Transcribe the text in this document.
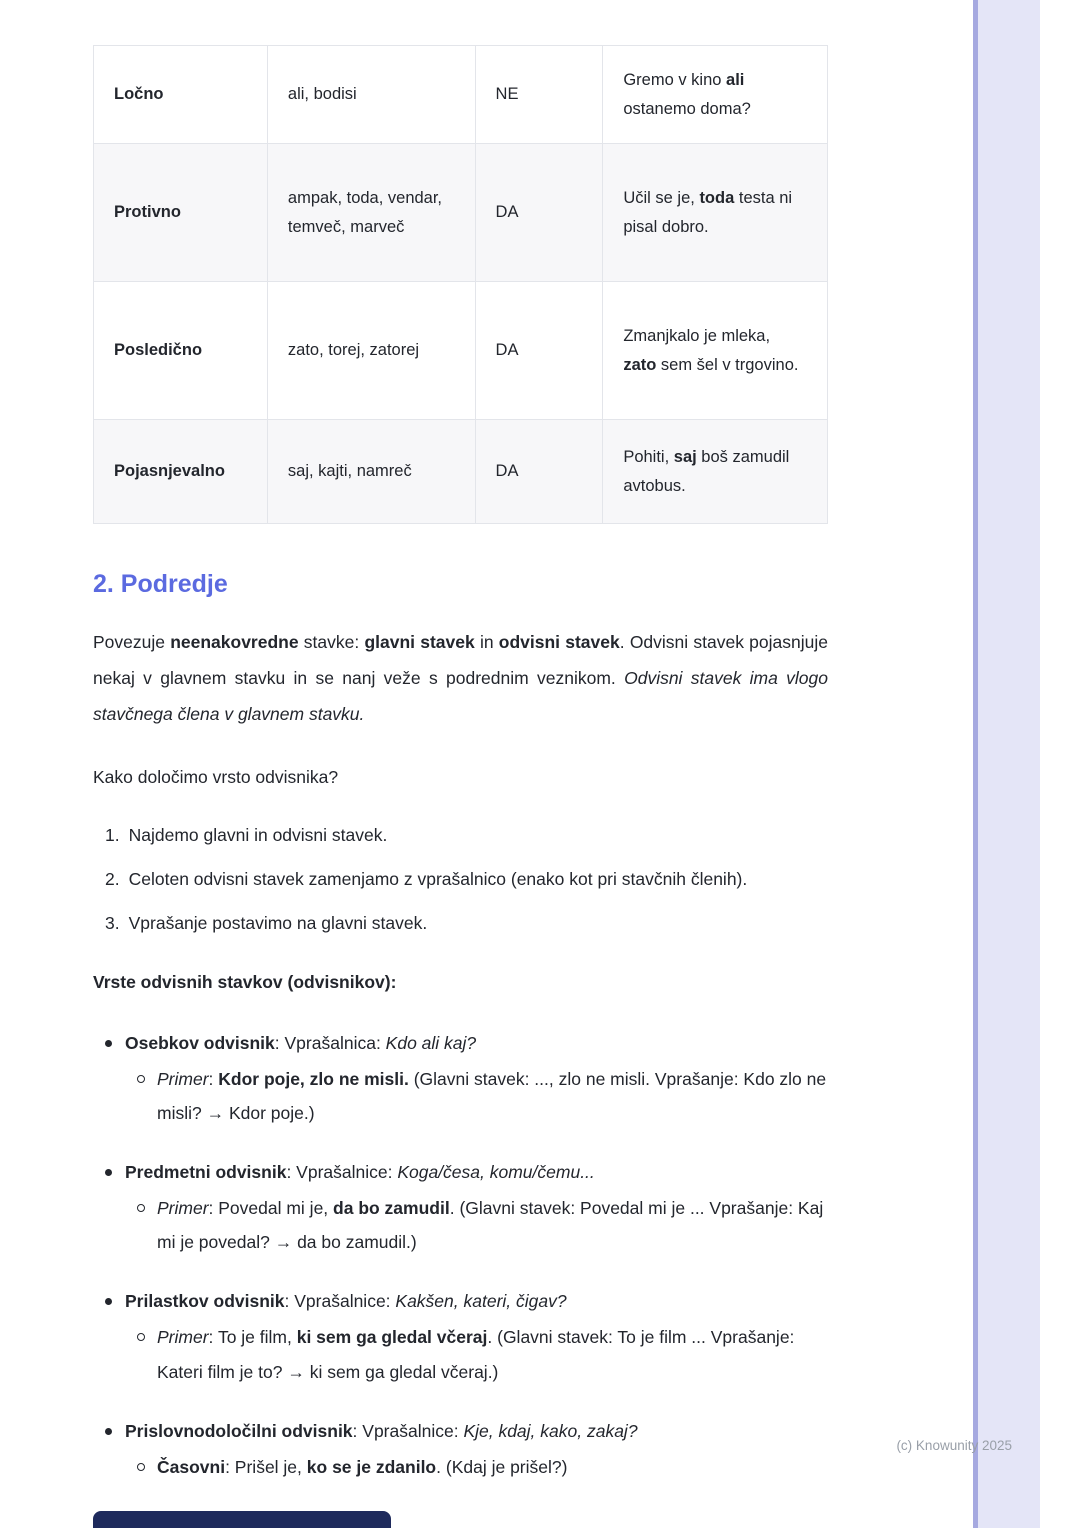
Ločno	ali, bodisi	NE	Gremo v kino ali ostanemo doma?
Protivno	ampak, toda, vendar, temveč, marveč	DA	Učil se je, toda testa ni pisal dobro.
Posledično	zato, torej, zatorej	DA	Zmanjkalo je mleka, zato sem šel v trgovino.
Pojasnjevalno	saj, kajti, namreč	DA	Pohiti, saj boš zamudil avtobus.
2. Podredje

Povezuje neenakovredne stavke: glavni stavek in odvisni stavek. Odvisni stavek pojasnjuje nekaj v glavnem stavku in se nanj veže s podrednim veznikom. Odvisni stavek ima vlogo stavčnega člena v glavnem stavku.

Kako določimo vrsto odvisnika?

1. Najdemo glavni in odvisni stavek.
2. Celoten odvisni stavek zamenjamo z vprašalnico (enako kot pri stavčnih členih).
3. Vprašanje postavimo na glavni stavek.

Vrste odvisnih stavkov (odvisnikov):

Osebkov odvisnik: Vprašalnica: Kdo ali kaj?
Primer: Kdor poje, zlo ne misli. (Glavni stavek: ..., zlo ne misli. Vprašanje: Kdo zlo ne misli? → Kdor poje.)
Predmetni odvisnik: Vprašalnice: Koga/česa, komu/čemu...
Primer: Povedal mi je, da bo zamudil. (Glavni stavek: Povedal mi je ... Vprašanje: Kaj mi je povedal? → da bo zamudil.)
Prilastkov odvisnik: Vprašalnice: Kakšen, kateri, čigav?
Primer: To je film, ki sem ga gledal včeraj. (Glavni stavek: To je film ... Vprašanje: Kateri film je to? → ki sem ga gledal včeraj.)
Prislovnodoločilni odvisnik: Vprašalnice: Kje, kdaj, kako, zakaj?
Časovni: Prišel je, ko se je zdanilo. (Kdaj je prišel?)
(c) Knowunity 2025
